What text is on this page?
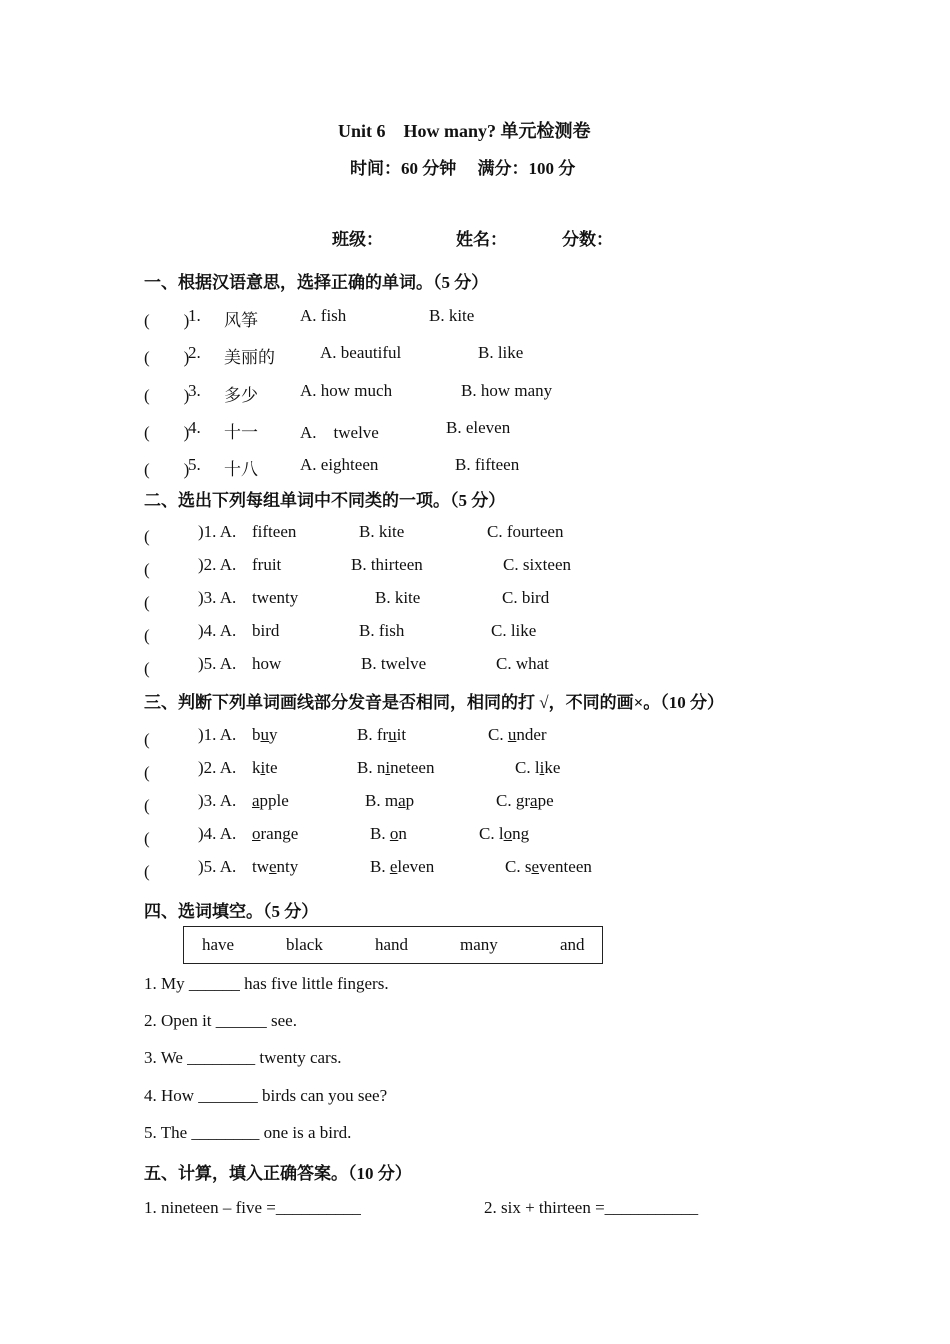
Unit 6　How many? 单元检测卷
时间：60 分钟　 满分：100 分
班级：	姓名：	分数：
一、根据汉语意思，选择正确的单词。（5 分）
(　　)
1. 风筝 A. fish	B. kite
(　　)
2. 美丽的	A. beautiful	B. like
(　　)
3. 多少 A. how much	B. how many
(　　)
4. 十一 A.　twelve	B. eleven
(　　)
5. 十八 A. eighteen	B. fifteen
二、选出下列每组单词中不同类的一项。（5 分）
(　　 )1. A. fifteen	B. kite	C. fourteen
(　　 )2. A. fruit	B. thirteen	C. sixteen
(　　 )3. A. twenty	B. kite	C. bird
(　　 )4. A. bird	B. fish	C. like
(　　 )5. A. how	B. twelve	C. what
三、判断下列单词画线部分发音是否相同，相同的打 √，不同的画×。（10 分）
(　　 )1. A. buy	B. fruit	C. under
(　　 )2. A. kite	B. nineteen	C. like
(　　 )3. A. apple	B. map	C. grape
(　　 )4. A. orange	B. on	C. long
(　　 )5. A. twenty	B. eleven	C. seventeen
四、选词填空。（5 分）
have	black	hand	many	and
1. My ______ has five little fingers.
2. Open it ______ see.
3. We ________ twenty cars.
4. How _______ birds can you see?
5. The ________ one is a bird.
五、计算，填入正确答案。（10 分）
1. nineteen – five =__________	2. six + thirteen =___________
